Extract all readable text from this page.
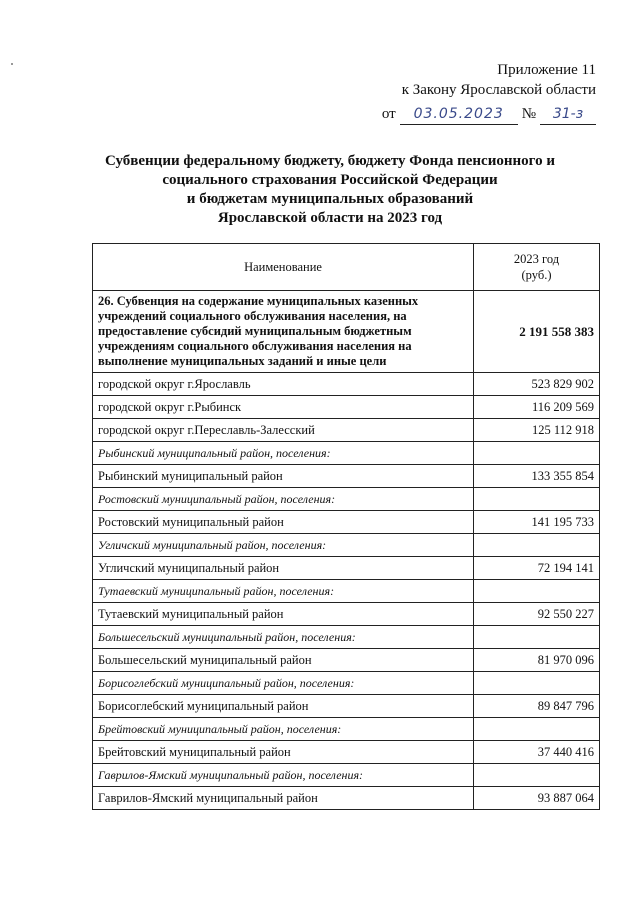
Приложение 11
к Закону Ярославской области
от	03.05.2023	№	31-з
Субвенции федеральному бюджету, бюджету Фонда пенсионного и
социального страхования Российской Федерации
и бюджетам муниципальных образований
Ярославской области на 2023 год
Наименование	2023 год
(руб.)

26. Субвенция на содержание муниципальных казенных учреждений социального обслуживания населения, на предоставление субсидий муниципальным бюджетным учреждениям социального обслуживания населения на выполнение муниципальных заданий и иные цели	2 191 558 383
городской округ г.Ярославль	523 829 902
городской округ г.Рыбинск	116 209 569
городской округ г.Переславль-Залесский	125 112 918
Рыбинский муниципальный район, поселения:	
Рыбинский муниципальный район	133 355 854
Ростовский муниципальный район, поселения:	
Ростовский муниципальный район	141 195 733
Угличский муниципальный район, поселения:	
Угличский муниципальный район	72 194 141
Тутаевский муниципальный район, поселения:	
Тутаевский муниципальный район	92 550 227
Большесельский муниципальный район, поселения:	
Большесельский муниципальный район	81 970 096
Борисоглебский муниципальный район, поселения:	
Борисоглебский муниципальный район	89 847 796
Брейтовский муниципальный район, поселения:	
Брейтовский муниципальный район	37 440 416
Гаврилов-Ямский муниципальный район, поселения:	
Гаврилов-Ямский муниципальный район	93 887 064
